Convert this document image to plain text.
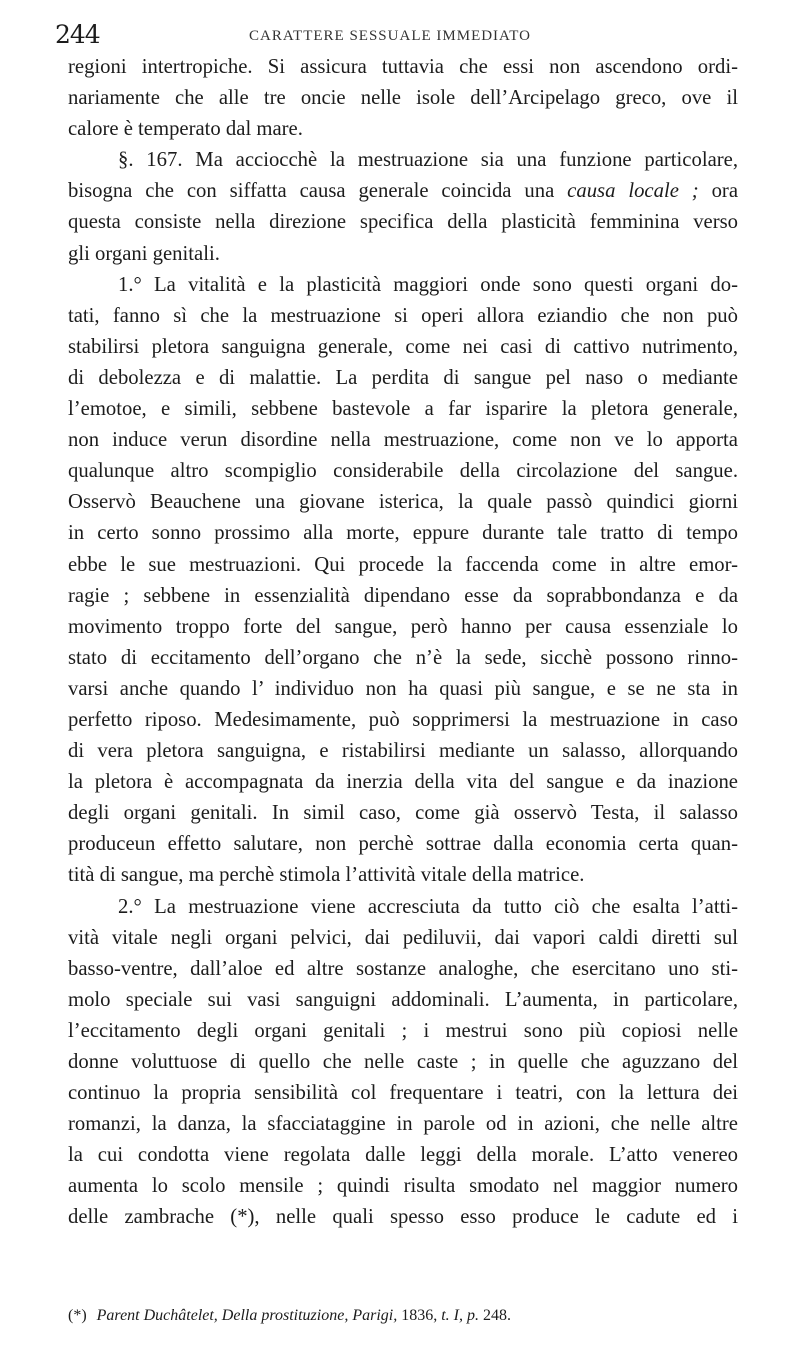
244	CARATTERE SESSUALE IMMEDIATO
regioni intertropiche. Si assicura tuttavia che essi non ascendono ordi-
nariamente che alle tre oncie nelle isole dell’Arcipelago greco, ove il
calore è temperato dal mare.
§. 167. Ma acciocchè la mestruazione sia una funzione particolare,
bisogna che con siffatta causa generale coincida una causa locale ; ora
questa consiste nella direzione specifica della plasticità femminina verso
gli organi genitali.
1.° La vitalità e la plasticità maggiori onde sono questi organi do-
tati, fanno sì che la mestruazione si operi allora eziandio che non può
stabilirsi pletora sanguigna generale, come nei casi di cattivo nutrimento,
di debolezza e di malattie. La perdita di sangue pel naso o mediante
l’emotoe, e simili, sebbene bastevole a far isparire la pletora generale,
non induce verun disordine nella mestruazione, come non ve lo apporta
qualunque altro scompiglio considerabile della circolazione del sangue.
Osservò Beauchene una giovane isterica, la quale passò quindici giorni
in certo sonno prossimo alla morte, eppure durante tale tratto di tempo
ebbe le sue mestruazioni. Qui procede la faccenda come in altre emor-
ragie ; sebbene in essenzialità dipendano esse da soprabbondanza e da
movimento troppo forte del sangue, però hanno per causa essenziale lo
stato di eccitamento dell’organo che n’è la sede, sicchè possono rinno-
varsi anche quando l’ individuo non ha quasi più sangue, e se ne sta in
perfetto riposo. Medesimamente, può sopprimersi la mestruazione in caso
di vera pletora sanguigna, e ristabilirsi mediante un salasso, allorquando
la pletora è accompagnata da inerzia della vita del sangue e da inazione
degli organi genitali. In simil caso, come già osservò Testa, il salasso
produceun effetto salutare, non perchè sottrae dalla economia certa quan-
tità di sangue, ma perchè stimola l’attività vitale della matrice.
2.° La mestruazione viene accresciuta da tutto ciò che esalta l’atti-
vità vitale negli organi pelvici, dai pediluvii, dai vapori caldi diretti sul
basso-ventre, dall’aloe ed altre sostanze analoghe, che esercitano uno sti-
molo speciale sui vasi sanguigni addominali. L’aumenta, in particolare,
l’eccitamento degli organi genitali ; i mestrui sono più copiosi nelle
donne voluttuose di quello che nelle caste ; in quelle che aguzzano del
continuo la propria sensibilità col frequentare i teatri, con la lettura dei
romanzi, la danza, la sfacciataggine in parole od in azioni, che nelle altre
la cui condotta viene regolata dalle leggi della morale. L’atto venereo
aumenta lo scolo mensile ; quindi risulta smodato nel maggior numero
delle zambrache (*), nelle quali spesso esso produce le cadute ed i
(*) Parent Duchâtelet, Della prostituzione, Parigi, 1836, t. I, p. 248.
